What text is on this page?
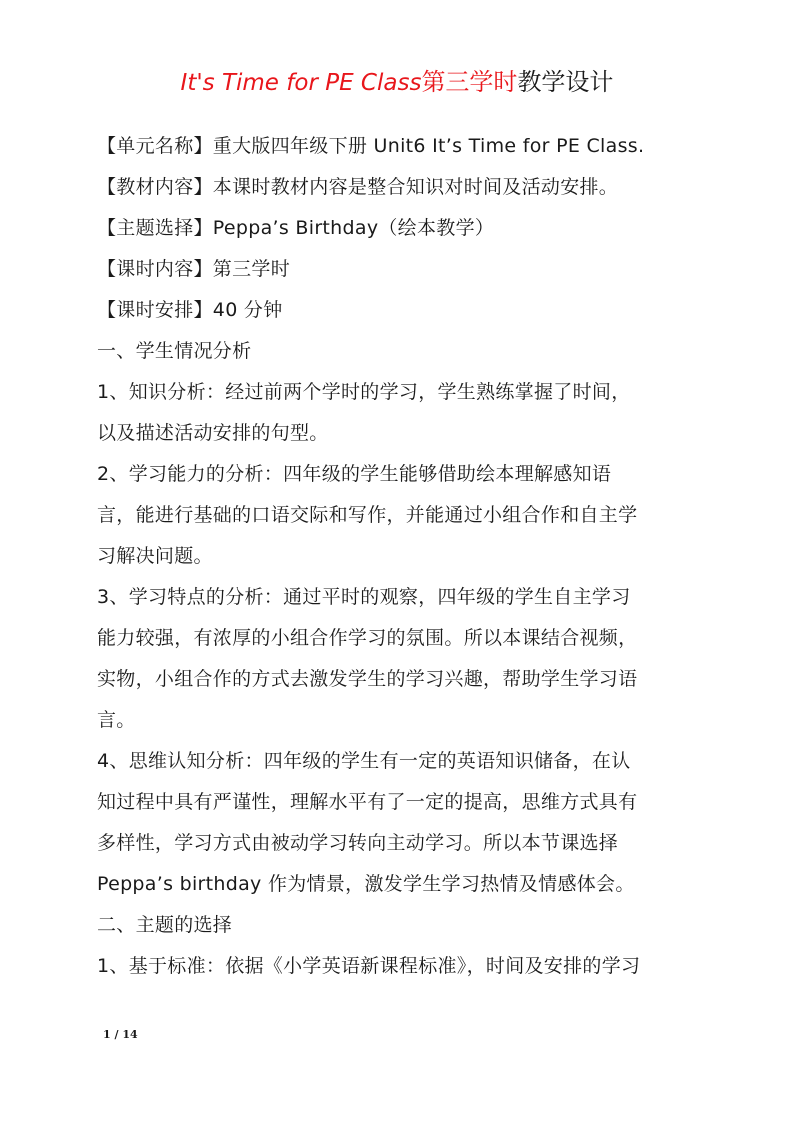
It's Time for PE Class第三学时教学设计
【单元名称】重大版四年级下册 Unit6 It’s Time for PE Class.
【教材内容】本课时教材内容是整合知识对时间及活动安排。
【主题选择】Peppa’s Birthday（绘本教学）
【课时内容】第三学时
【课时安排】40 分钟
一、学生情况分析
1、知识分析：经过前两个学时的学习，学生熟练掌握了时间，
以及描述活动安排的句型。
2、学习能力的分析：四年级的学生能够借助绘本理解感知语
言，能进行基础的口语交际和写作，并能通过小组合作和自主学
习解决问题。
3、学习特点的分析：通过平时的观察，四年级的学生自主学习
能力较强，有浓厚的小组合作学习的氛围。所以本课结合视频，
实物，小组合作的方式去激发学生的学习兴趣，帮助学生学习语
言。
4、思维认知分析：四年级的学生有一定的英语知识储备，在认
知过程中具有严谨性，理解水平有了一定的提高，思维方式具有
多样性，学习方式由被动学习转向主动学习。所以本节课选择
Peppa’s birthday 作为情景，激发学生学习热情及情感体会。
二、主题的选择
1、基于标准：依据《小学英语新课程标准》，时间及安排的学习
1 / 14
